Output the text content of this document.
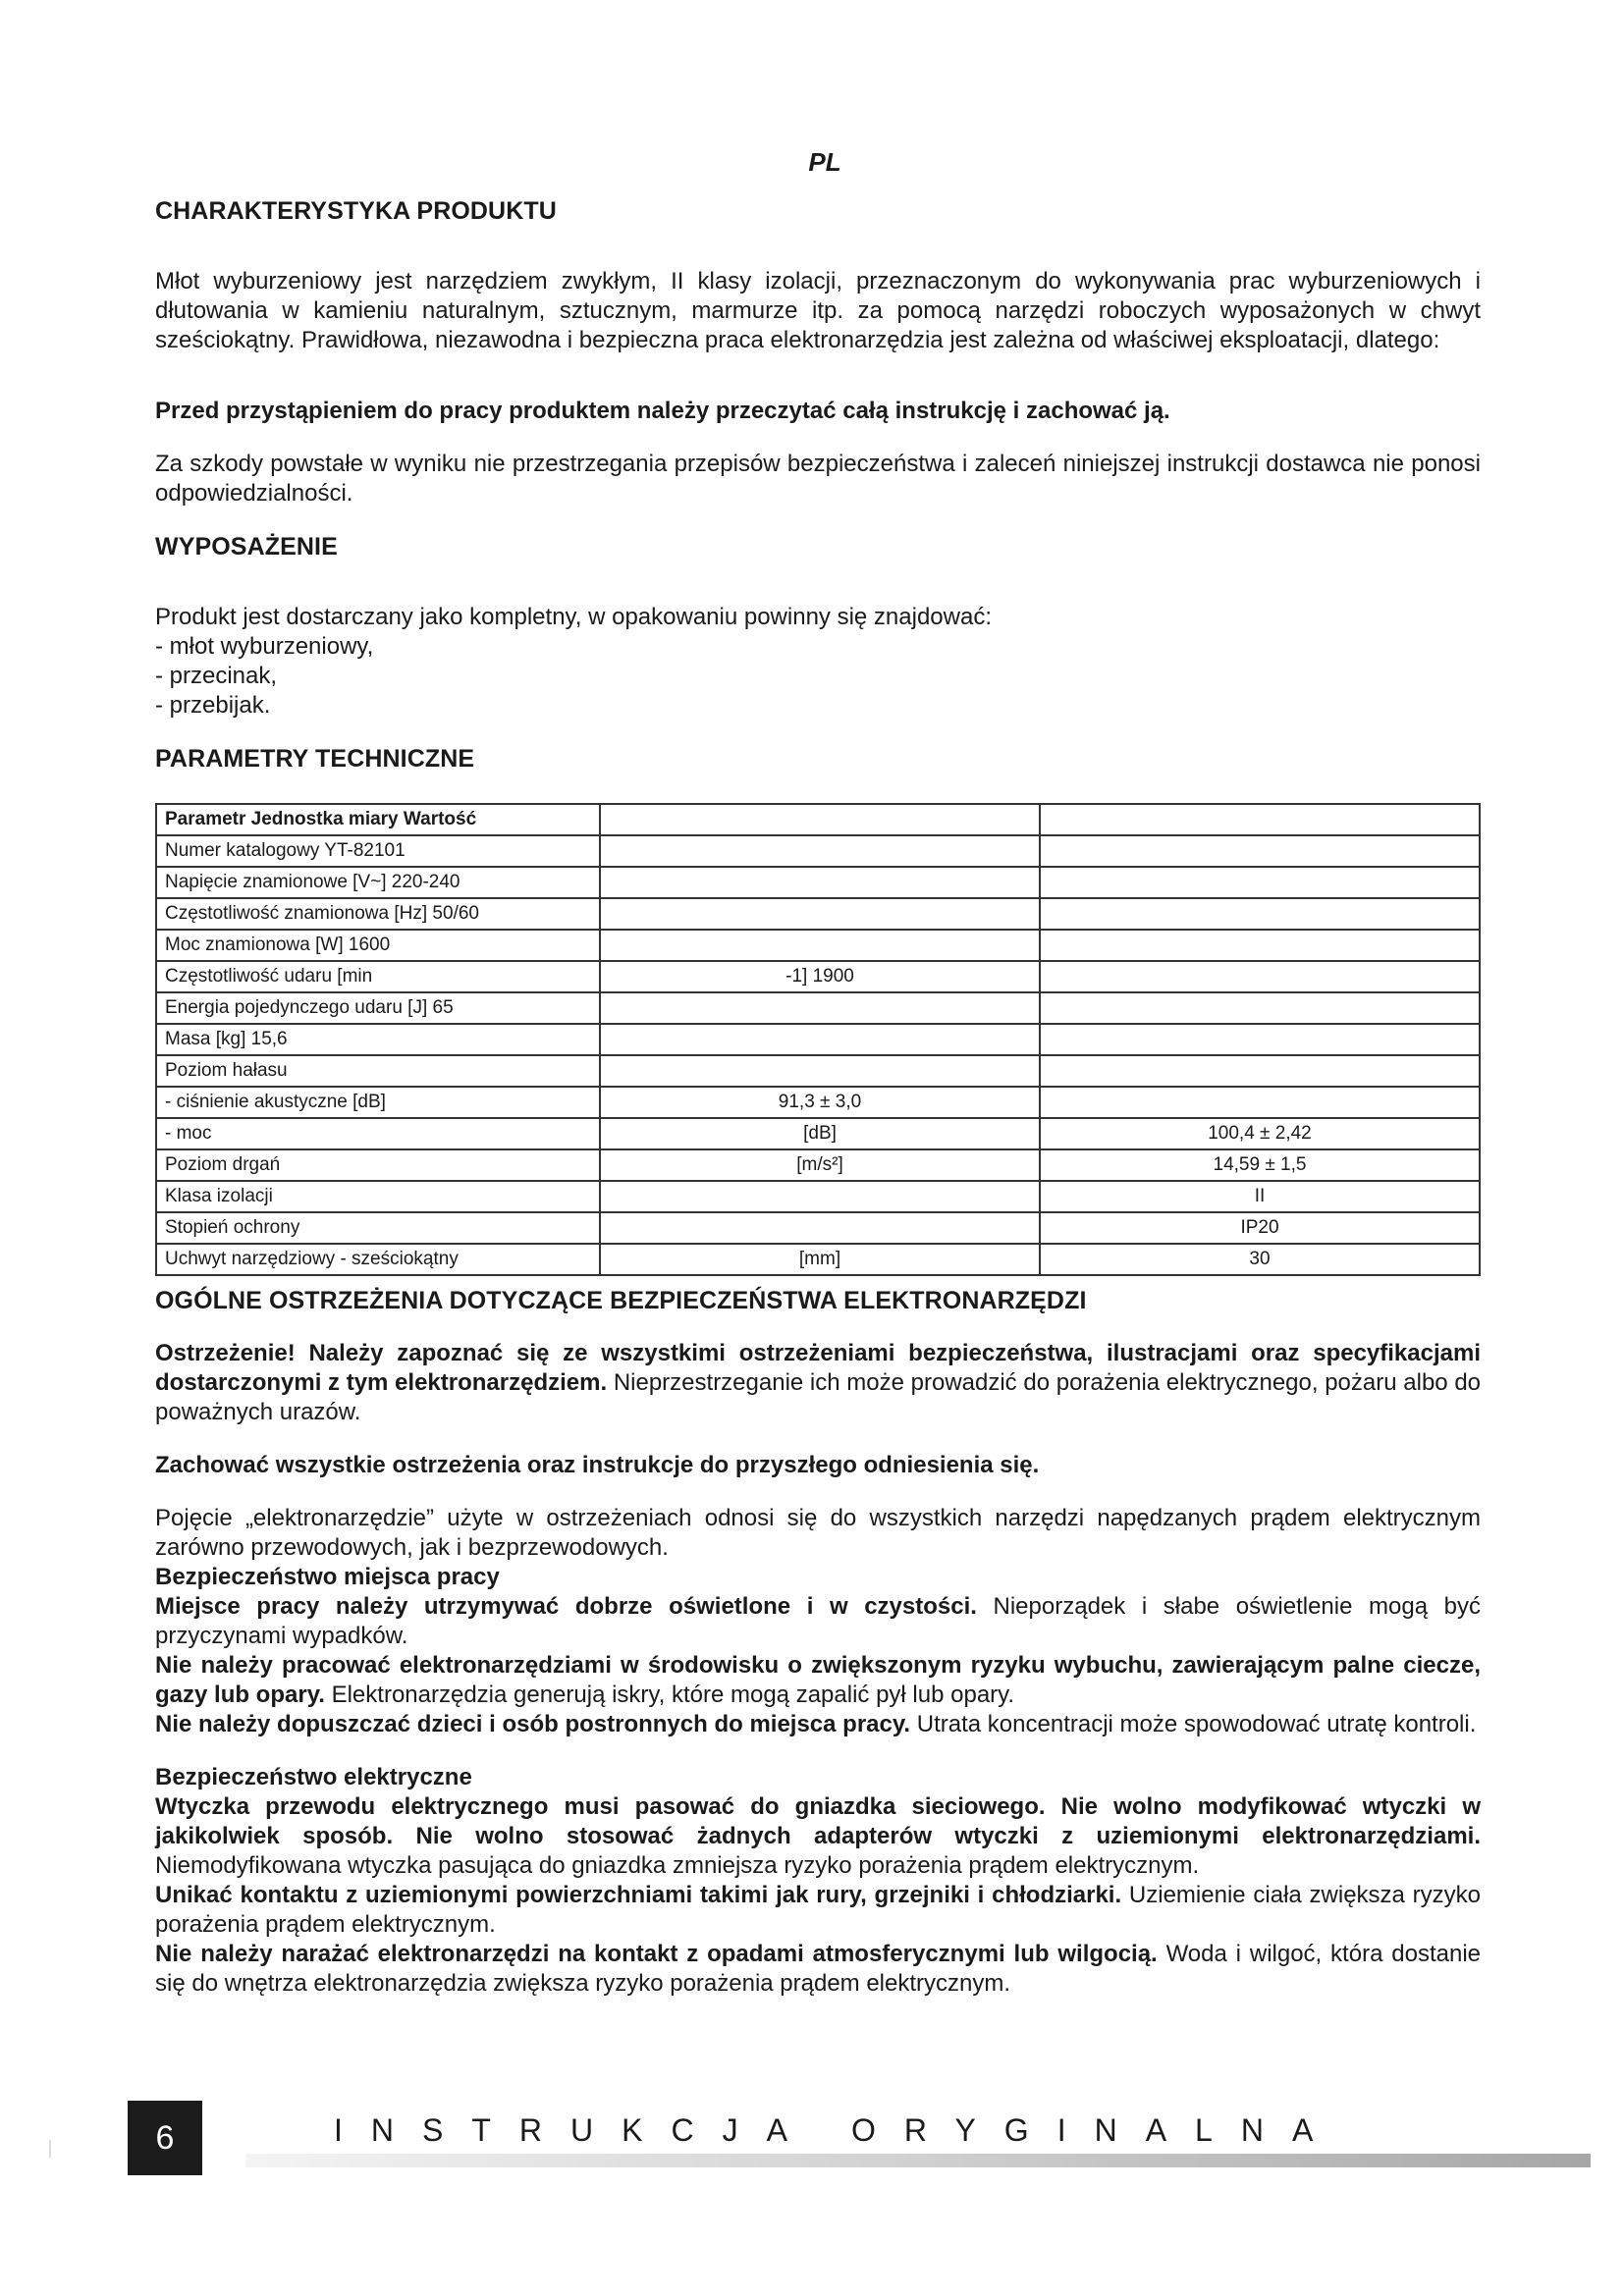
PL
CHARAKTERYSTYKA PRODUKTU

Młot wyburzeniowy jest narzędziem zwykłym, II klasy izolacji, przeznaczonym do wykonywania prac wyburzeniowych i dłutowania w kamieniu naturalnym, sztucznym, marmurze itp. za pomocą narzędzi roboczych wyposażonych w chwyt sześciokątny. Prawidłowa, niezawodna i bezpieczna praca elektronarzędzia jest zależna od właściwej eksploatacji, dlatego:

Przed przystąpieniem do pracy produktem należy przeczytać całą instrukcję i zachować ją.

Za szkody powstałe w wyniku nie przestrzegania przepisów bezpieczeństwa i zaleceń niniejszej instrukcji dostawca nie ponosi odpowiedzialności.

WYPOSAŻENIE

Produkt jest dostarczany jako kompletny, w opakowaniu powinny się znajdować:

- młot wyburzeniowy,
- przecinak,
- przebijak.
PARAMETRY TECHNICZNE
Parametr Jednostka miary Wartość		
Numer katalogowy YT-82101		
Napięcie znamionowe [V~] 220-240		
Częstotliwość znamionowa [Hz] 50/60		
Moc znamionowa [W] 1600		
Częstotliwość udaru [min	-1] 1900	
Energia pojedynczego udaru [J] 65		
Masa [kg] 15,6		
Poziom hałasu		
- ciśnienie akustyczne [dB]	91,3 ± 3,0	
- moc	[dB]	100,4 ± 2,42
Poziom drgań	[m/s²]	14,59 ± 1,5
Klasa izolacji		II
Stopień ochrony		IP20
Uchwyt narzędziowy - sześciokątny	[mm]	30
OGÓLNE OSTRZEŻENIA DOTYCZĄCE BEZPIECZEŃSTWA ELEKTRONARZĘDZI

Ostrzeżenie! Należy zapoznać się ze wszystkimi ostrzeżeniami bezpieczeństwa, ilustracjami oraz specyfikacjami dostarczonymi z tym elektronarzędziem. Nieprzestrzeganie ich może prowadzić do porażenia elektrycznego, pożaru albo do poważnych urazów.

Zachować wszystkie ostrzeżenia oraz instrukcje do przyszłego odniesienia się.

Pojęcie „elektronarzędzie” użyte w ostrzeżeniach odnosi się do wszystkich narzędzi napędzanych prądem elektrycznym zarówno przewodowych, jak i bezprzewodowych.

Bezpieczeństwo miejsca pracy

Miejsce pracy należy utrzymywać dobrze oświetlone i w czystości. Nieporządek i słabe oświetlenie mogą być przyczynami wypadków.

Nie należy pracować elektronarzędziami w środowisku o zwiększonym ryzyku wybuchu, zawierającym palne ciecze, gazy lub opary. Elektronarzędzia generują iskry, które mogą zapalić pył lub opary.

Nie należy dopuszczać dzieci i osób postronnych do miejsca pracy. Utrata koncentracji może spowodować utratę kontroli.

Bezpieczeństwo elektryczne

Wtyczka przewodu elektrycznego musi pasować do gniazdka sieciowego. Nie wolno modyfikować wtyczki w jakikolwiek sposób. Nie wolno stosować żadnych adapterów wtyczki z uziemionymi elektronarzędziami. Niemodyfikowana wtyczka pasująca do gniazdka zmniejsza ryzyko porażenia prądem elektrycznym.

Unikać kontaktu z uziemionymi powierzchniami takimi jak rury, grzejniki i chłodziarki. Uziemienie ciała zwiększa ryzyko porażenia prądem elektrycznym.

Nie należy narażać elektronarzędzi na kontakt z opadami atmosferycznymi lub wilgocią. Woda i wilgoć, która dostanie się do wnętrza elektronarzędzia zwiększa ryzyko porażenia prądem elektrycznym.

6	INSTRUKCJA ORYGINALNA
